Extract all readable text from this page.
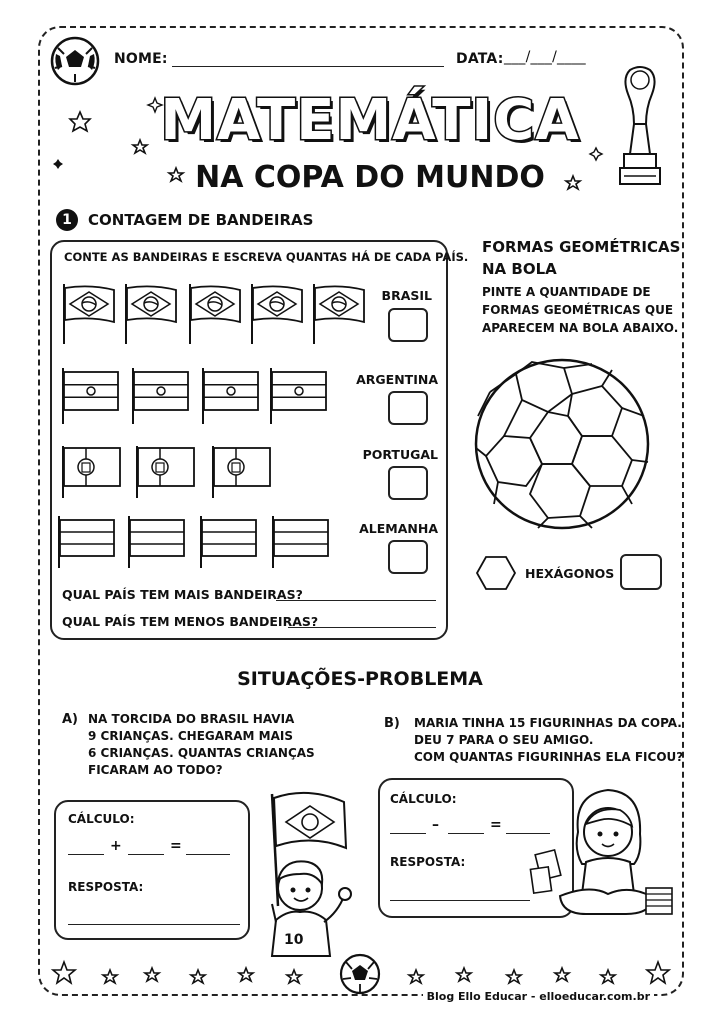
NOME:	DATA: ___/___/____
MATEMÁTICA
NA COPA DO MUNDO
1	CONTAGEM DE BANDEIRAS
CONTE AS BANDEIRAS E ESCREVA QUANTAS HÁ DE CADA PAÍS.
BRASIL
ARGENTINA
PORTUGAL
ALEMANHA
QUAL PAÍS TEM MAIS BANDEIRAS?
QUAL PAÍS TEM MENOS BANDEIRAS?
FORMAS GEOMÉTRICAS
NA BOLA
PINTE A QUANTIDADE DE
FORMAS GEOMÉTRICAS QUE
APARECEM NA BOLA ABAIXO.
HEXÁGONOS
SITUAÇÕES-PROBLEMA
A) NA TORCIDA DO BRASIL HAVIA
9 CRIANÇAS. CHEGARAM MAIS
6 CRIANÇAS. QUANTAS CRIANÇAS
FICARAM AO TODO?
CÁLCULO:
+	=
RESPOSTA:
10
B) MARIA TINHA 15 FIGURINHAS DA COPA.
DEU 7 PARA O SEU AMIGO.
COM QUANTAS FIGURINHAS ELA FICOU?
CÁLCULO:
–	=
RESPOSTA:
Blog Ello Educar - elloeducar.com.br
